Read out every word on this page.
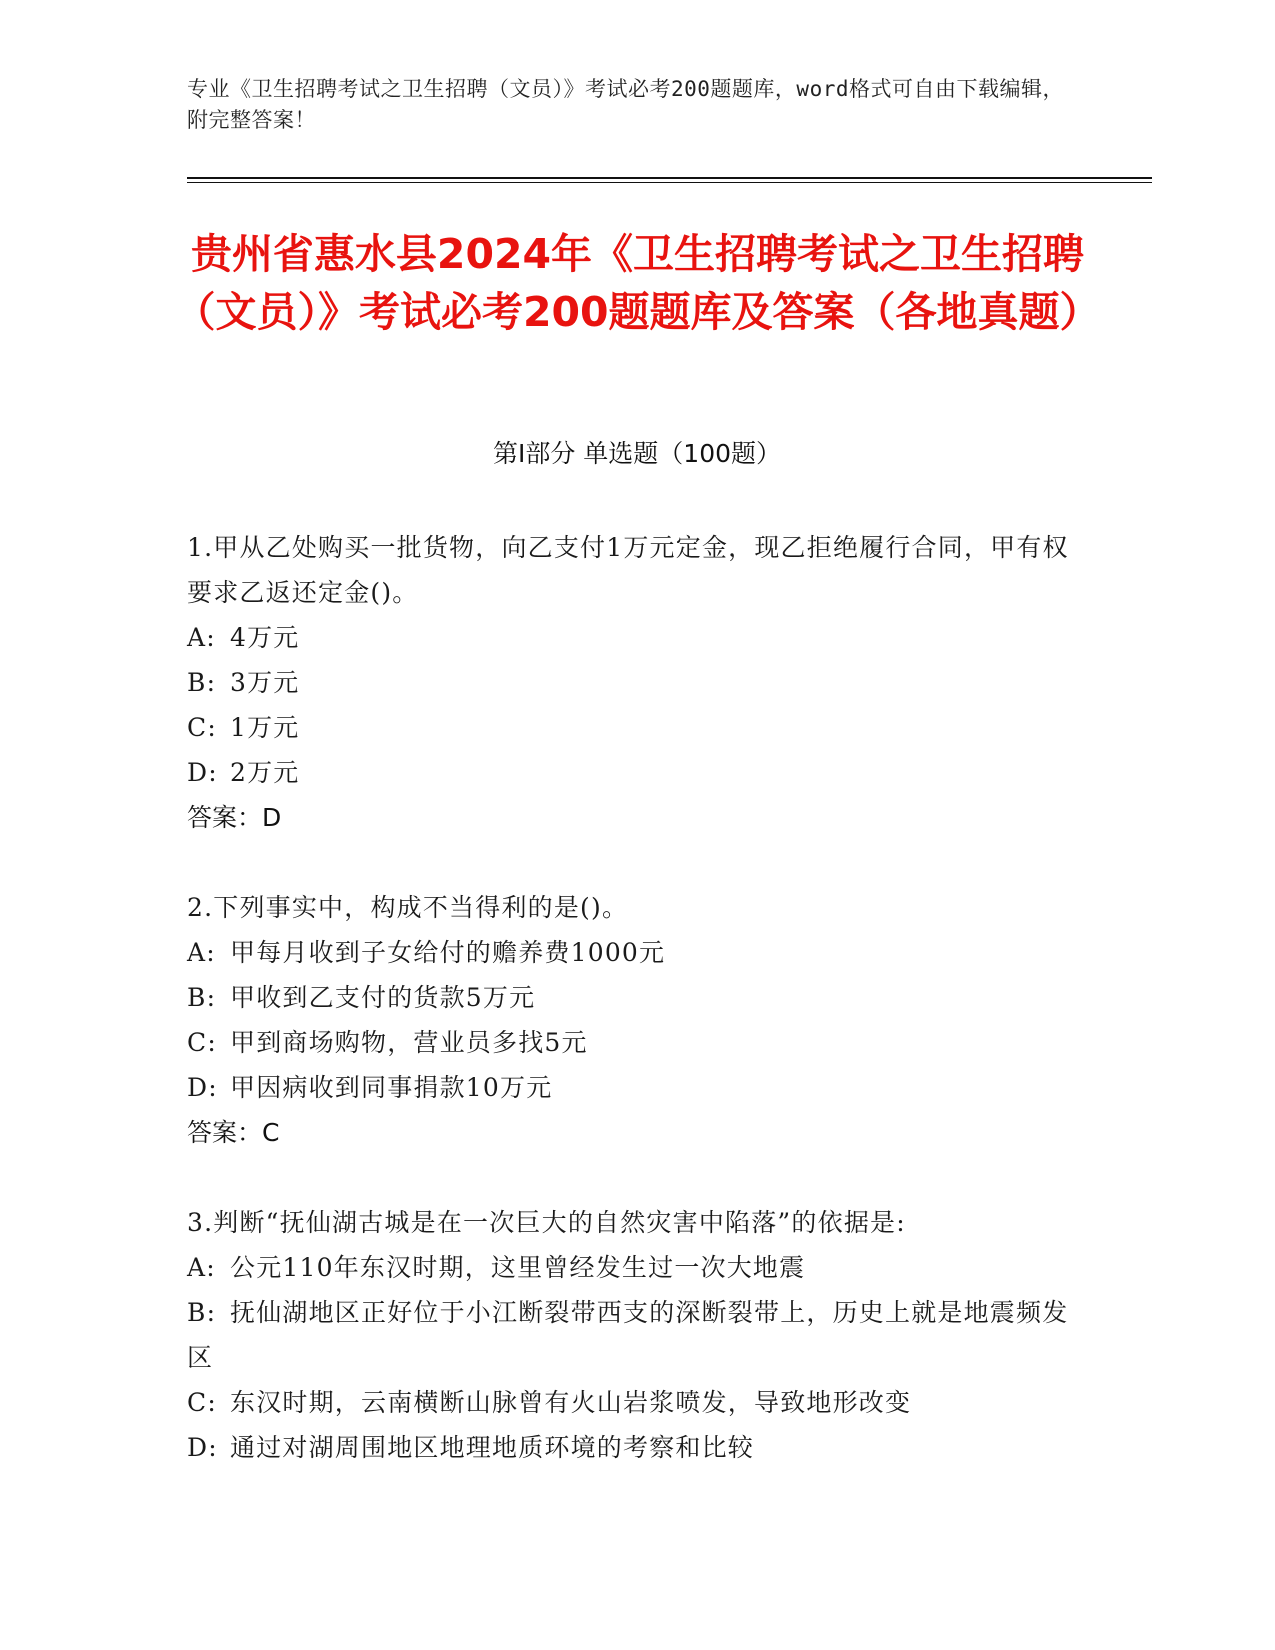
专业《卫生招聘考试之卫生招聘（文员）》考试必考200题题库，word格式可自由下载编辑，附完整答案！
贵州省惠水县2024年《卫生招聘考试之卫生招聘（文员）》考试必考200题题库及答案（各地真题）
第I部分 单选题（100题）

1.甲从乙处购买一批货物，向乙支付1万元定金，现乙拒绝履行合同，甲有权要求乙返还定金()。

A: 4万元

B: 3万元

C: 1万元

D: 2万元

答案：D

2.下列事实中，构成不当得利的是()。

A: 甲每月收到子女给付的赡养费1000元

B: 甲收到乙支付的货款5万元

C: 甲到商场购物，营业员多找5元

D: 甲因病收到同事捐款10万元

答案：C

3.判断“抚仙湖古城是在一次巨大的自然灾害中陷落”的依据是:

A: 公元110年东汉时期，这里曾经发生过一次大地震

B: 抚仙湖地区正好位于小江断裂带西支的深断裂带上，历史上就是地震频发区

C: 东汉时期，云南横断山脉曾有火山岩浆喷发，导致地形改变

D: 通过对湖周围地区地理地质环境的考察和比较
